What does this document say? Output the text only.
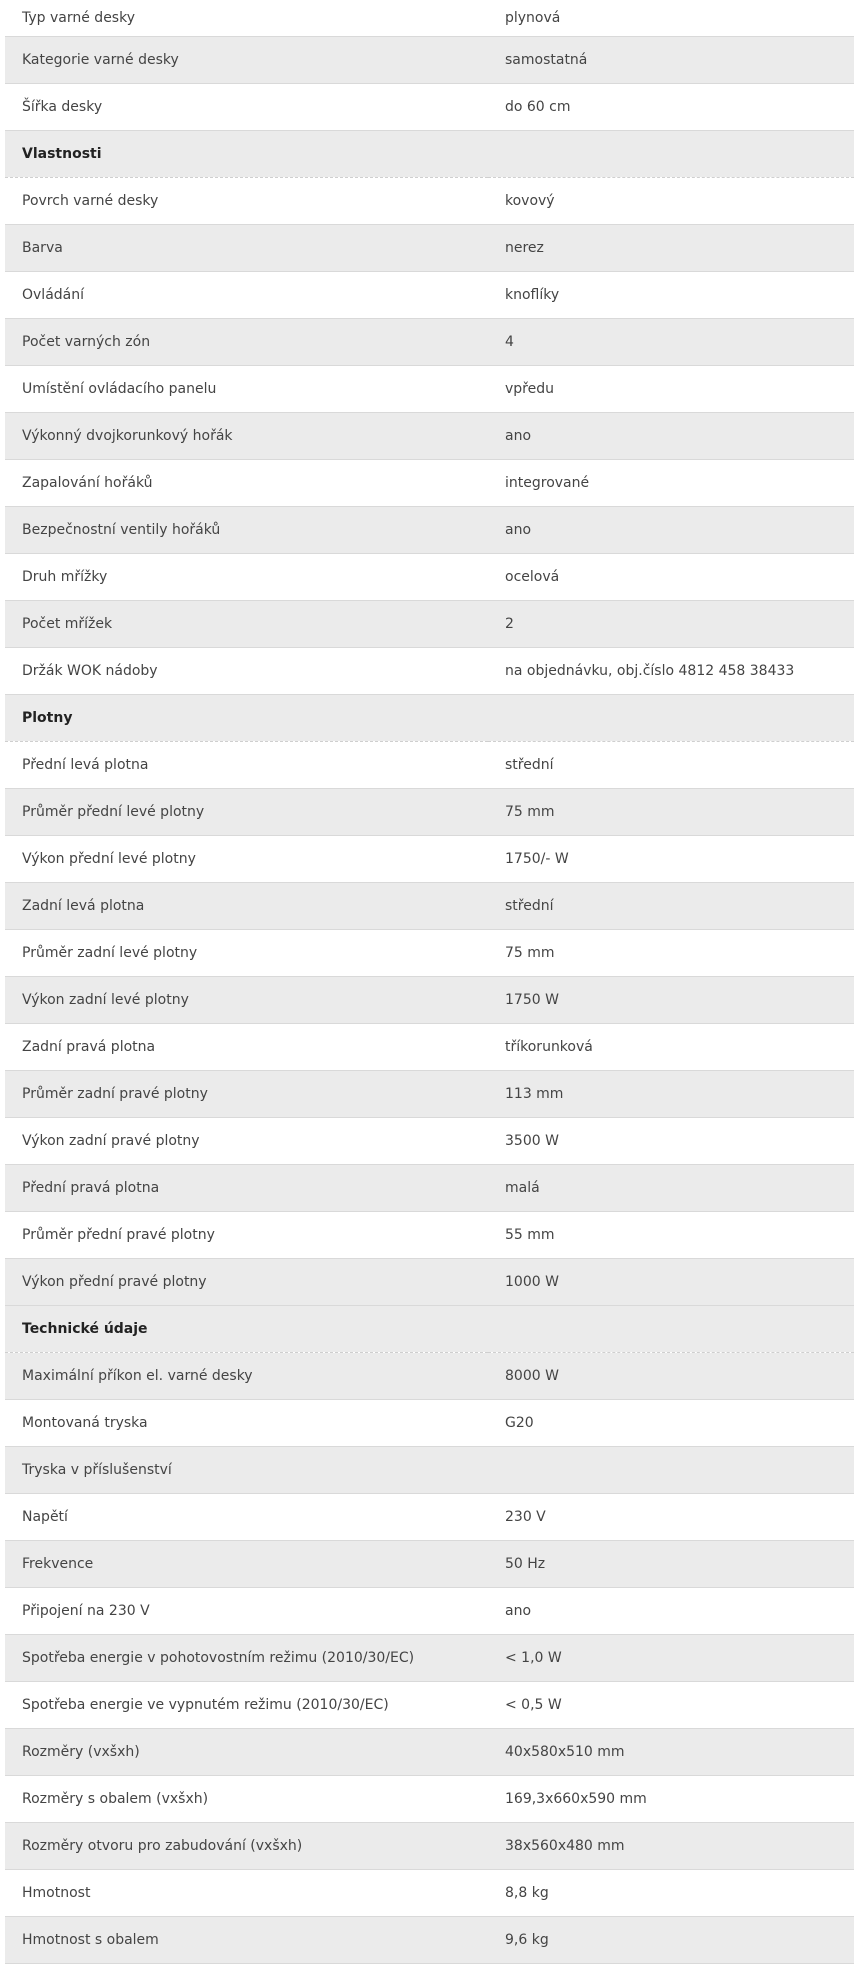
Typ varné desky	plynová
Kategorie varné desky	samostatná
Šířka desky	do 60 cm
Vlastnosti	
Povrch varné desky	kovový
Barva	nerez
Ovládání	knoflíky
Počet varných zón	4
Umístění ovládacího panelu	vpředu
Výkonný dvojkorunkový hořák	ano
Zapalování hořáků	integrované
Bezpečnostní ventily hořáků	ano
Druh mřížky	ocelová
Počet mřížek	2
Držák WOK nádoby	na objednávku, obj.číslo 4812 458 38433
Plotny	
Přední levá plotna	střední
Průměr přední levé plotny	75 mm
Výkon přední levé plotny	1750/- W
Zadní levá plotna	střední
Průměr zadní levé plotny	75 mm
Výkon zadní levé plotny	1750 W
Zadní pravá plotna	tříkorunková
Průměr zadní pravé plotny	113 mm
Výkon zadní pravé plotny	3500 W
Přední pravá plotna	malá
Průměr přední pravé plotny	55 mm
Výkon přední pravé plotny	1000 W
Technické údaje	
Maximální příkon el. varné desky	8000 W
Montovaná tryska	G20
Tryska v příslušenství	
Napětí	230 V
Frekvence	50 Hz
Připojení na 230 V	ano
Spotřeba energie v pohotovostním režimu (2010/30/EC)	< 1,0 W
Spotřeba energie ve vypnutém režimu (2010/30/EC)	< 0,5 W
Rozměry (vxšxh)	40x580x510 mm
Rozměry s obalem (vxšxh)	169,3x660x590 mm
Rozměry otvoru pro zabudování (vxšxh)	38x560x480 mm
Hmotnost	8,8 kg
Hmotnost s obalem	9,6 kg
